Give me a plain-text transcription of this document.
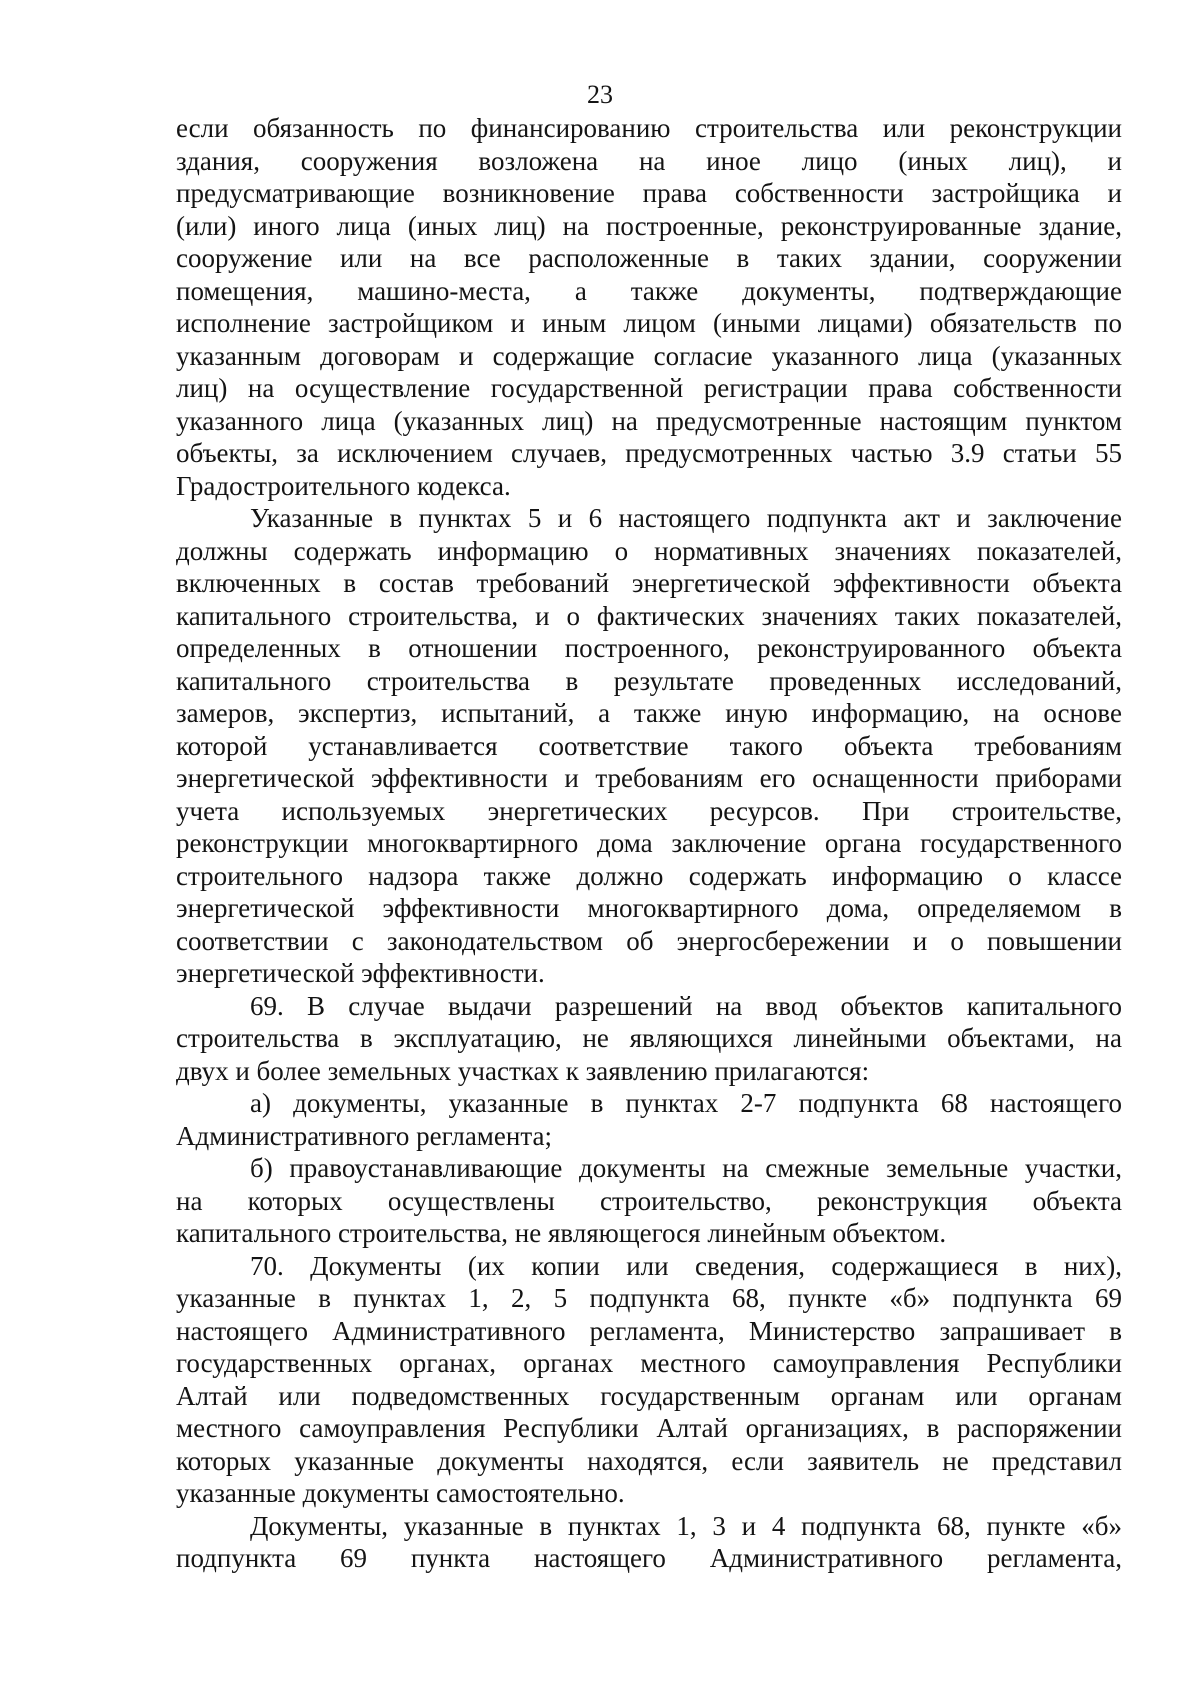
23
если обязанность по финансированию строительства или реконструкции
здания, сооружения возложена на иное лицо (иных лиц), и
предусматривающие возникновение права собственности застройщика и
(или) иного лица (иных лиц) на построенные, реконструированные здание,
сооружение или на все расположенные в таких здании, сооружении
помещения, машино-места, а также документы, подтверждающие
исполнение застройщиком и иным лицом (иными лицами) обязательств по
указанным договорам и содержащие согласие указанного лица (указанных
лиц) на осуществление государственной регистрации права собственности
указанного лица (указанных лиц) на предусмотренные настоящим пунктом
объекты, за исключением случаев, предусмотренных частью 3.9 статьи 55
Градостроительного кодекса.
Указанные в пунктах 5 и 6 настоящего подпункта акт и заключение
должны содержать информацию о нормативных значениях показателей,
включенных в состав требований энергетической эффективности объекта
капитального строительства, и о фактических значениях таких показателей,
определенных в отношении построенного, реконструированного объекта
капитального строительства в результате проведенных исследований,
замеров, экспертиз, испытаний, а также иную информацию, на основе
которой устанавливается соответствие такого объекта требованиям
энергетической эффективности и требованиям его оснащенности приборами
учета используемых энергетических ресурсов. При строительстве,
реконструкции многоквартирного дома заключение органа государственного
строительного надзора также должно содержать информацию о классе
энергетической эффективности многоквартирного дома, определяемом в
соответствии с законодательством об энергосбережении и о повышении
энергетической эффективности.
69. В случае выдачи разрешений на ввод объектов капитального
строительства в эксплуатацию, не являющихся линейными объектами, на
двух и более земельных участках к заявлению прилагаются:
а) документы, указанные в пунктах 2-7 подпункта 68 настоящего
Административного регламента;
б) правоустанавливающие документы на смежные земельные участки,
на которых осуществлены строительство, реконструкция объекта
капитального строительства, не являющегося линейным объектом.
70. Документы (их копии или сведения, содержащиеся в них),
указанные в пунктах 1, 2, 5 подпункта 68, пункте «б» подпункта 69
настоящего Административного регламента, Министерство запрашивает в
государственных органах, органах местного самоуправления Республики
Алтай или подведомственных государственным органам или органам
местного самоуправления Республики Алтай организациях, в распоряжении
которых указанные документы находятся, если заявитель не представил
указанные документы самостоятельно.
Документы, указанные в пунктах 1, 3 и 4 подпункта 68, пункте «б»
подпункта 69 пункта настоящего Административного регламента,
